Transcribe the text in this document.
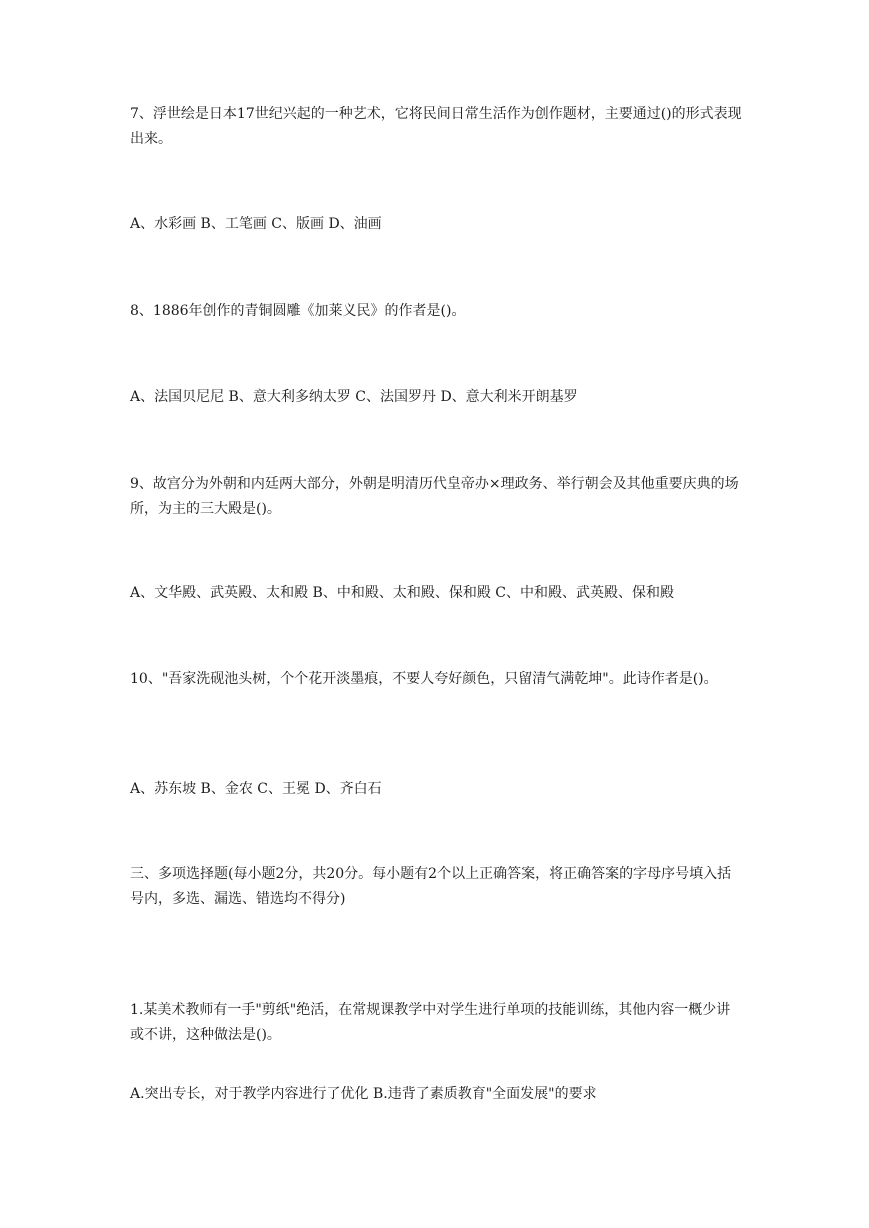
7、浮世绘是日本17世纪兴起的一种艺术，它将民间日常生活作为创作题材，主要通过()的形式表现出来。

A、水彩画 B、工笔画 C、版画 D、油画

8、1886年创作的青铜圆雕《加莱义民》的作者是()。

A、法国贝尼尼 B、意大利多纳太罗 C、法国罗丹 D、意大利米开朗基罗

9、故宫分为外朝和内廷两大部分，外朝是明清历代皇帝办×理政务、举行朝会及其他重要庆典的场所，为主的三大殿是()。

A、文华殿、武英殿、太和殿 B、中和殿、太和殿、保和殿 C、中和殿、武英殿、保和殿

10、"吾家洗砚池头树，个个花开淡墨痕，不要人夸好颜色，只留清气满乾坤"。此诗作者是()。

A、苏东坡 B、金农 C、王冕 D、齐白石

三、多项选择题(每小题2分，共20分。每小题有2个以上正确答案，将正确答案的字母序号填入括号内，多选、漏选、错选均不得分)

1.某美术教师有一手"剪纸"绝活，在常规课教学中对学生进行单项的技能训练，其他内容一概少讲或不讲，这种做法是()。

A.突出专长，对于教学内容进行了优化 B.违背了素质教育"全面发展"的要求
